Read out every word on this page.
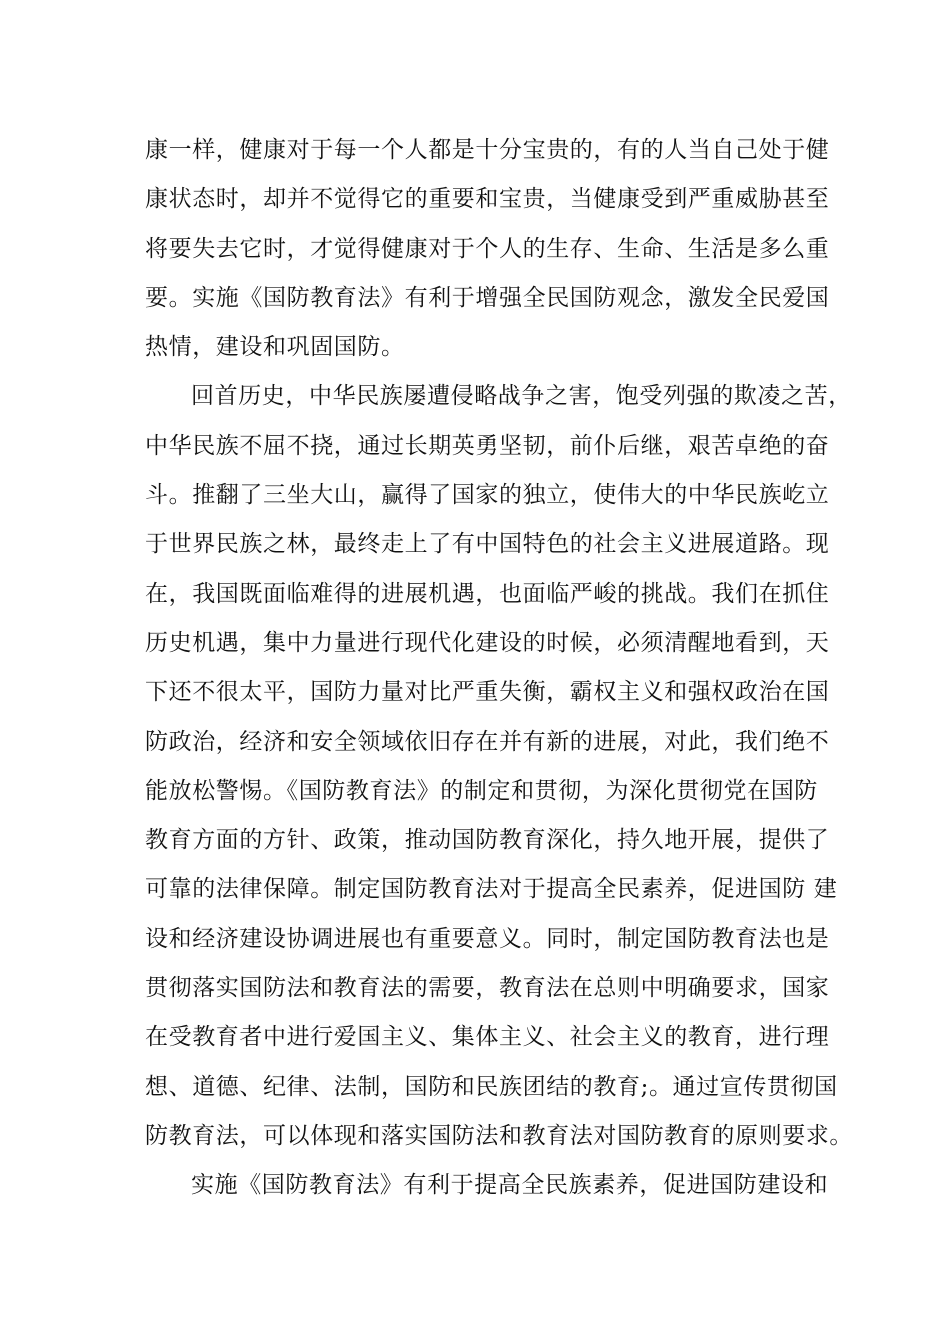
康一样，健康对于每一个人都是十分宝贵的，有的人当自己处于健
康状态时，却并不觉得它的重要和宝贵，当健康受到严重威胁甚至
将要失去它时，才觉得健康对于个人的生存、生命、生活是多么重
要。实施《国防教育法》有利于增强全民国防观念，激发全民爱国
热情，建设和巩固国防。
回首历史，中华民族屡遭侵略战争之害，饱受列强的欺凌之苦，
中华民族不屈不挠，通过长期英勇坚韧，前仆后继，艰苦卓绝的奋
斗。推翻了三坐大山，赢得了国家的独立，使伟大的中华民族屹立
于世界民族之林，最终走上了有中国特色的社会主义进展道路。现
在，我国既面临难得的进展机遇，也面临严峻的挑战。我们在抓住
历史机遇，集中力量进行现代化建设的时候，必须清醒地看到，天
下还不很太平，国防力量对比严重失衡，霸权主义和强权政治在国
防政治，经济和安全领域依旧存在并有新的进展，对此，我们绝不
能放松警惕。《国防教育法》的制定和贯彻，为深化贯彻党在国防
教育方面的方针、政策，推动国防教育深化，持久地开展，提供了
可靠的法律保障。制定国防教育法对于提高全民素养，促进国防 建
设和经济建设协调进展也有重要意义。同时，制定国防教育法也是
贯彻落实国防法和教育法的需要，教育法在总则中明确要求，国家
在受教育者中进行爱国主义、集体主义、社会主义的教育，进行理
想、道德、纪律、法制，国防和民族团结的教育;。通过宣传贯彻国
防教育法，可以体现和落实国防法和教育法对国防教育的原则要求。
实施《国防教育法》有利于提高全民族素养，促进国防建设和
